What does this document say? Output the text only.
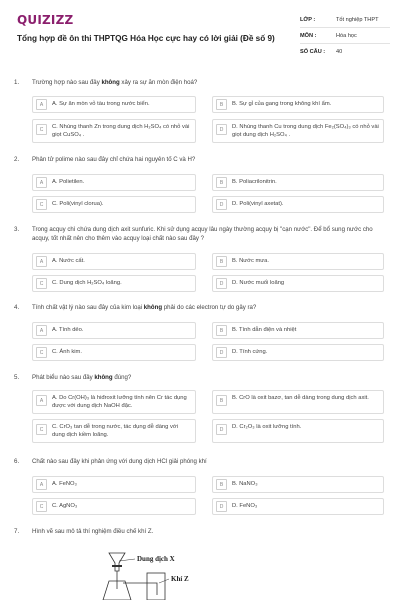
QUIZIZZ
Tổng hợp đề ôn thi THPTQG Hóa Học cực hay có lời giải (Đề số 9)
LỚP :	Tốt nghiệp THPT
MÔN :	Hóa học
SỐ CÂU :	40
1. Trường hợp nào sau đây không xảy ra sự ăn mòn điện hoá?
A	A. Sự ăn mòn vỏ tàu trong nước biển.	B	B. Sự gỉ của gang trong không khí ẩm.
C	C. Nhúng thanh Zn trong dung dịch H₂SO₄ có nhỏ vài giọt CuSO₄ .
D	D. Nhúng thanh Cu trong dung dịch Fe₂(SO₄)₃ có nhỏ vài giọt dung dịch H₂SO₄ .
2. Phân tử polime nào sau đây chỉ chứa hai nguyên tố C và H?
A	A. Polietilen.	B	B. Poliacrilonitrin.
C	C. Poli(vinyl clorua).	D	D. Poli(vinyl axetat).
3. Trong acquy chì chứa dung dịch axit sunfuric. Khi sử dụng acquy lâu ngày thường acquy bị "cạn nước". Để bổ sung nước cho acquy, tốt nhất nên cho thêm vào acquy loại chất nào sau đây ?
A	A. Nước cất.	B	B. Nước mưa.
C	C. Dung dịch H₂SO₄ loãng.	D	D. Nước muối loãng
4. Tính chất vật lý nào sau đây của kim loại không phải do các electron tự do gây ra?
A	A. Tính dẻo.	B	B. Tính dẫn điện và nhiệt
C	C. Ánh kim.	D	D. Tính cứng.
5. Phát biểu nào sau đây không đúng?
A	A. Do Cr(OH)₃ là hiđroxit lưỡng tính nên Cr tác dụng được với dung dịch NaOH đặc.
B	B. CrO là oxit bazơ, tan dễ dàng trong dung dịch axit.
C	C. CrO₃ tan dễ trong nước, tác dụng dễ dàng với dung dịch kiềm loãng.
D	D. Cr₂O₃ là oxit lưỡng tính.
6. Chất nào sau đây khi phản ứng với dung dịch HCl giải phóng khí
A	A. FeNO₃	B	B. NaNO₃
C	C. AgNO₃	D	D. FeNO₃
7. Hình vẽ sau mô tả thí nghiệm điều chế khí Z.
Dung dịch X
Khí Z
